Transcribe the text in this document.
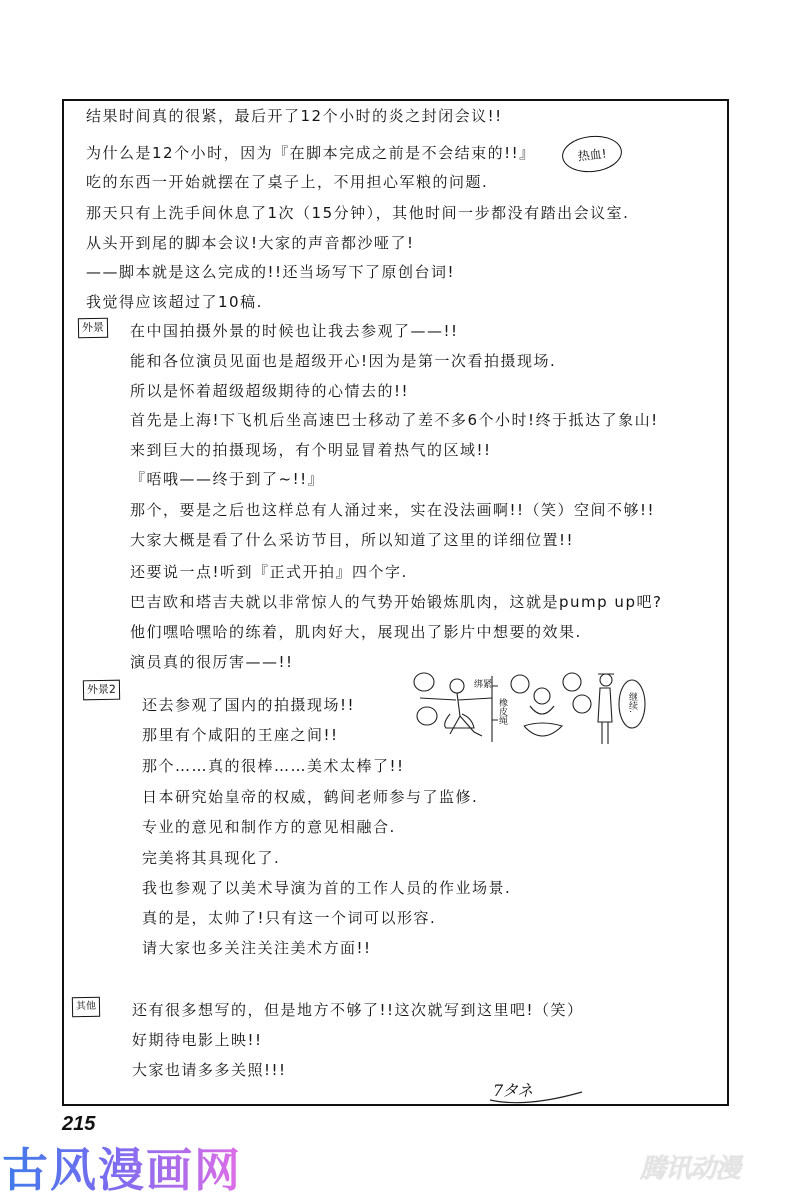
结果时间真的很紧，最后开了12个小时的炎之封闭会议!!
为什么是12个小时，因为『在脚本完成之前是不会结束的!!』	热血!
吃的东西一开始就摆在了桌子上，不用担心军粮的问题.
那天只有上洗手间休息了1次（15分钟），其他时间一步都没有踏出会议室.
从头开到尾的脚本会议!大家的声音都沙哑了!
——脚本就是这么完成的!!还当场写下了原创台词!
我觉得应该超过了10稿.
外景 在中国拍摄外景的时候也让我去参观了——!!
能和各位演员见面也是超级开心!因为是第一次看拍摄现场.
所以是怀着超级超级期待的心情去的!!
首先是上海!下飞机后坐高速巴士移动了差不多6个小时!终于抵达了象山!
来到巨大的拍摄现场，有个明显冒着热气的区域!!
『唔哦——终于到了~!!』
那个，要是之后也这样总有人涌过来，实在没法画啊!!（笑）空间不够!!
大家大概是看了什么采访节目，所以知道了这里的详细位置!!
还要说一点!听到『正式开拍』四个字.
巴吉欧和塔吉夫就以非常惊人的气势开始锻炼肌肉，这就是pump up吧?
他们嘿哈嘿哈的练着，肌肉好大，展现出了影片中想要的效果.
演员真的很厉害——!!
外景2
还去参观了国内的拍摄现场!!
那里有个咸阳的王座之间!!
那个……真的很棒……美术太棒了!!
日本研究始皇帝的权威，鹤间老师参与了监修.
专业的意见和制作方的意见相融合.
完美将其具现化了.
我也参观了以美术导演为首的工作人员的作业场景.
真的是，太帅了!只有这一个词可以形容.
请大家也多关注关注美术方面!!
绑紧
橡皮绳	继续.
其他 还有很多想写的，但是地方不够了!!这次就写到这里吧!（笑）
好期待电影上映!!
大家也请多多关照!!!
7タネ
215
古风漫画网	腾讯动漫
